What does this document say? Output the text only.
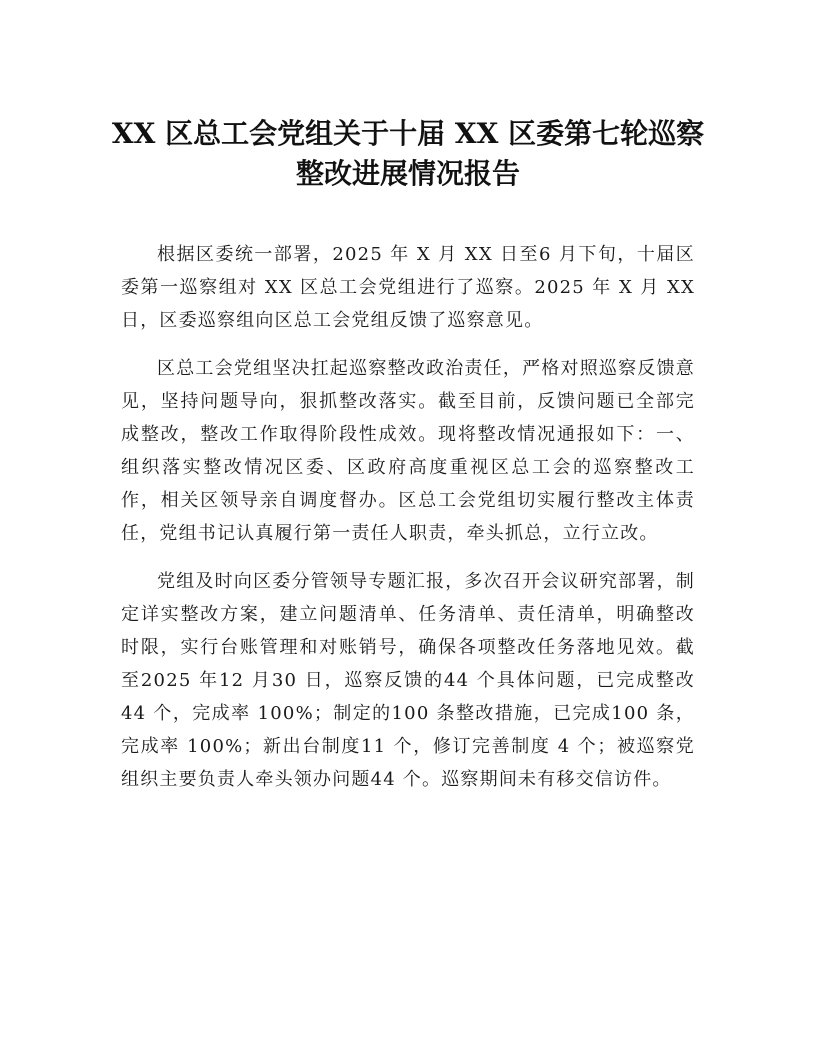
XX 区总工会党组关于十届 XX 区委第七轮巡察整改进展情况报告

根据区委统一部署，2025 年 X 月 XX 日至6 月下旬，十届区委第一巡察组对 XX 区总工会党组进行了巡察。2025 年 X 月 XX 日，区委巡察组向区总工会党组反馈了巡察意见。

区总工会党组坚决扛起巡察整改政治责任，严格对照巡察反馈意见，坚持问题导向，狠抓整改落实。截至目前，反馈问题已全部完成整改，整改工作取得阶段性成效。现将整改情况通报如下：一、组织落实整改情况区委、区政府高度重视区总工会的巡察整改工作，相关区领导亲自调度督办。区总工会党组切实履行整改主体责任，党组书记认真履行第一责任人职责，牵头抓总，立行立改。

党组及时向区委分管领导专题汇报，多次召开会议研究部署，制定详实整改方案，建立问题清单、任务清单、责任清单，明确整改时限，实行台账管理和对账销号，确保各项整改任务落地见效。截至2025 年12 月30 日，巡察反馈的44 个具体问题，已完成整改44 个，完成率 100%；制定的100 条整改措施，已完成100 条，完成率 100%；新出台制度11 个，修订完善制度 4 个；被巡察党组织主要负责人牵头领办问题44 个。巡察期间未有移交信访件。
